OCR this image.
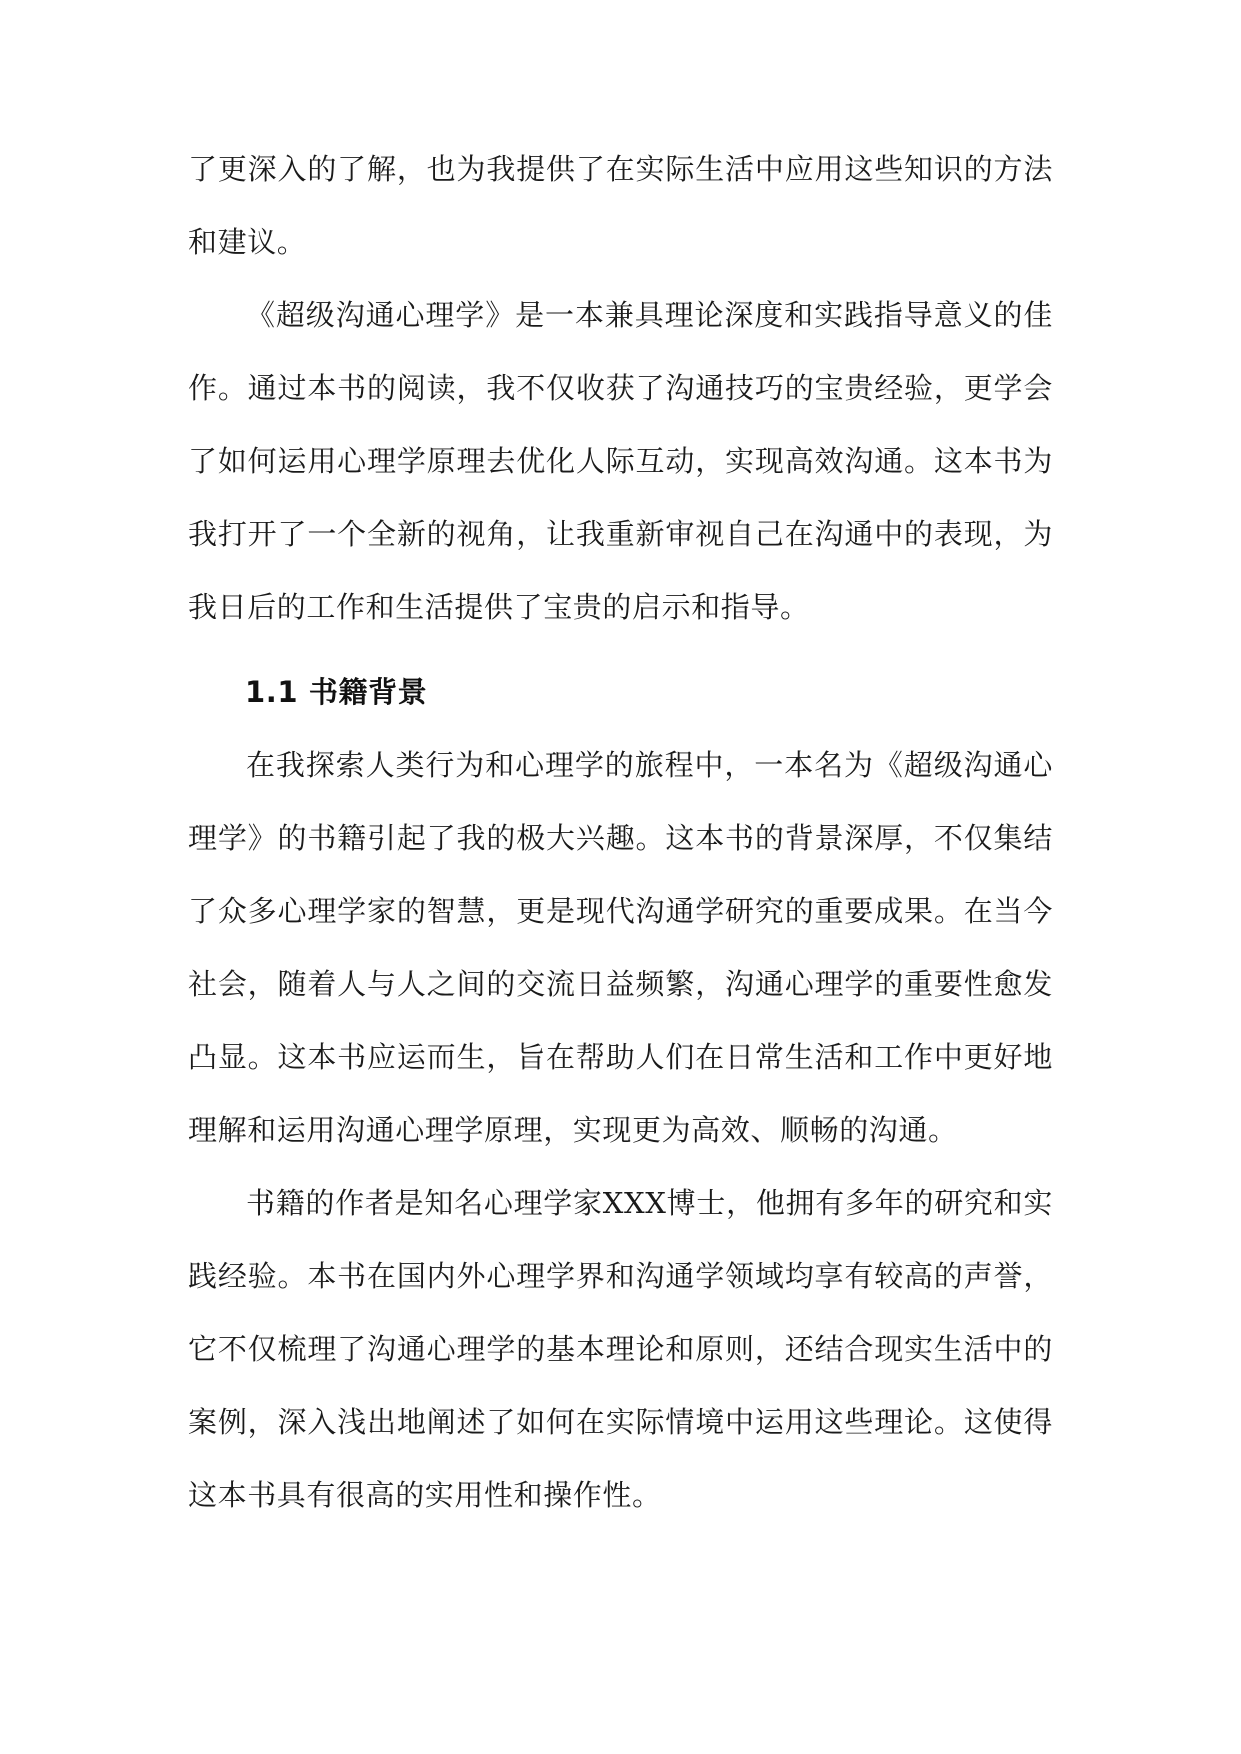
了更深入的了解，也为我提供了在实际生活中应用这些知识的方法和建议。

《超级沟通心理学》是一本兼具理论深度和实践指导意义的佳作。通过本书的阅读，我不仅收获了沟通技巧的宝贵经验，更学会了如何运用心理学原理去优化人际互动，实现高效沟通。这本书为我打开了一个全新的视角，让我重新审视自己在沟通中的表现，为我日后的工作和生活提供了宝贵的启示和指导。

1.1 书籍背景

在我探索人类行为和心理学的旅程中，一本名为《超级沟通心理学》的书籍引起了我的极大兴趣。这本书的背景深厚，不仅集结了众多心理学家的智慧，更是现代沟通学研究的重要成果。在当今社会，随着人与人之间的交流日益频繁，沟通心理学的重要性愈发凸显。这本书应运而生，旨在帮助人们在日常生活和工作中更好地理解和运用沟通心理学原理，实现更为高效、顺畅的沟通。

书籍的作者是知名心理学家XXX博士，他拥有多年的研究和实践经验。本书在国内外心理学界和沟通学领域均享有较高的声誉，它不仅梳理了沟通心理学的基本理论和原则，还结合现实生活中的案例，深入浅出地阐述了如何在实际情境中运用这些理论。这使得这本书具有很高的实用性和操作性。
